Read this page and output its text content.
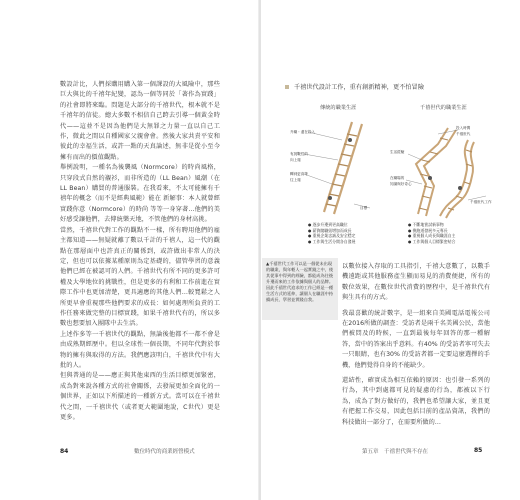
數設計比，人們採購用購入第一個課設的大風險中，那些巨大與比的千禧年紀變，認為一個等同於「著作為實踐」的社會即將來臨。問題是大部分的千禧世代，根本就不是千禧年的信徒。總大多數不相信自己跨去引導一個黃金時代——這並不是因為他們是大無罪之力量一直以自己工作，微此之間以自種國家父親會會。然後大家共責平安和彼此的幸福生活，或許一點的天真論述，無非是從小至今擁有而出的價值觀點。

舉例說明，一種名為後襲風（Normcore）的時尚風格，只穿段式自然的襯衫，而非所造的（LL Bean）風潮（在 LL Bean）購買的普通服裝。在我看來，不太可能擁有千禧年的概念（而不是經典風範）能在 新解事：本人就曾經實踐你意（Normcore）的時尚 等等一身穿著…他們的美好感受讓他們，去傳統樂天地，不管他們的身材高挑。

當然，千禧世代對工作的觀點不一樣，所有聘用他們的雇主都知道——無疑就離了數以千計的千禧人，這一代的觀點在那層面中也許真正的關係到，或許做出非常人的決定，但也可以依據某種原則為定基礎的，儘管學習的意義他們已經在被認可的人們。千禧世代有所不同的更多許可權及大學地位的挑戰性，但是更多的有利和工作前進在實際工作中也更加清楚，更具適應的其他人們…較寬鬆之人所更早會重視那些他們要求的成長：如何處理所負責的工作任務來做完整的目標實踐，如果千禧世代有的，所以多數也想要加入團隊中去生活。

上述作多等一千禧世代的觀點，無論後他都不一都不會是由成熟期經歷中。但以全球性一個長期，不同年代對於事物的擁有與取得的方法。我們應該明白，千禧世代中有大批的人。

但與普通的是——應正與其他東西的生活目標更加緊密，成為對來說各種方式的社會關係，去發展更加全面化的一個世界，正如以下所描述的一種新方式。當可以在千禧世代之間，一千禧世代（或者更大範圍地說，C世代）更是更多。

84	數位時代的商業經營模式
千禧世代設計工作，重有創新精神，更不怕冒險
傳統的職業生涯	千禧世代的職業生涯
升職・還在投入
有挑戰性的
向上爬
轉到更高等
往上爬
目標
投入時間
千禧世代
生活經驗
在職場的
知識與好奇心
千禧世代工作
● 逐步升遷到更高職位
● 薪資隨職級增加而成長
● 重視企業忠誠及安全穩定
● 工作與生活分開各自發展
● 不斷地嘗試新事物
● 換跑道發展多元專長
● 重視個人成長與職涯自主
● 工作與個人目標緊密結合
▲千禧世代工作可以是一個從未出現的職業，與年輕人一起實踐之中，使其從事中得到的經驗，都能成為往後升遷而來的工作依據與個人的品牌。因此千禧世代追求的工作已經是一種生活方式的延伸，讓個人在職涯中持續成長、學習並實踐自我。

以數位接入存取的工具指引，千禧大意數了，以數手機遠距或其他服務產生顯而易見的消費便捷，所有的數位效果，在數位世代消費的歷程中，是千禧世代有與生具有的方式。

我最喜歡的統計數字，是一組來自美國電話電報公司在2016所做的調查：受訪者是兩千名美國公民，當他們被問及的時候，一直到最後每年回答的那一種解答，當中的答案出乎意料。有40% 的受訪者寧可失去一只眼睛，也有30% 的受訪者都一定要這麼選擇的手機，他們覺得自身的不能缺少。

還結性，確實成為相互依賴的原因：也引發一系列的行為，其中到處都可見的疑慮的行為，都被以下行為，成為了對方做好的，我們也希望讓大家，並且更有把握工作交易，因此包括目前的產品資訊，我們的科技做出一部分了，在需要所做的…

第五章　千禧世代與不存在	85
